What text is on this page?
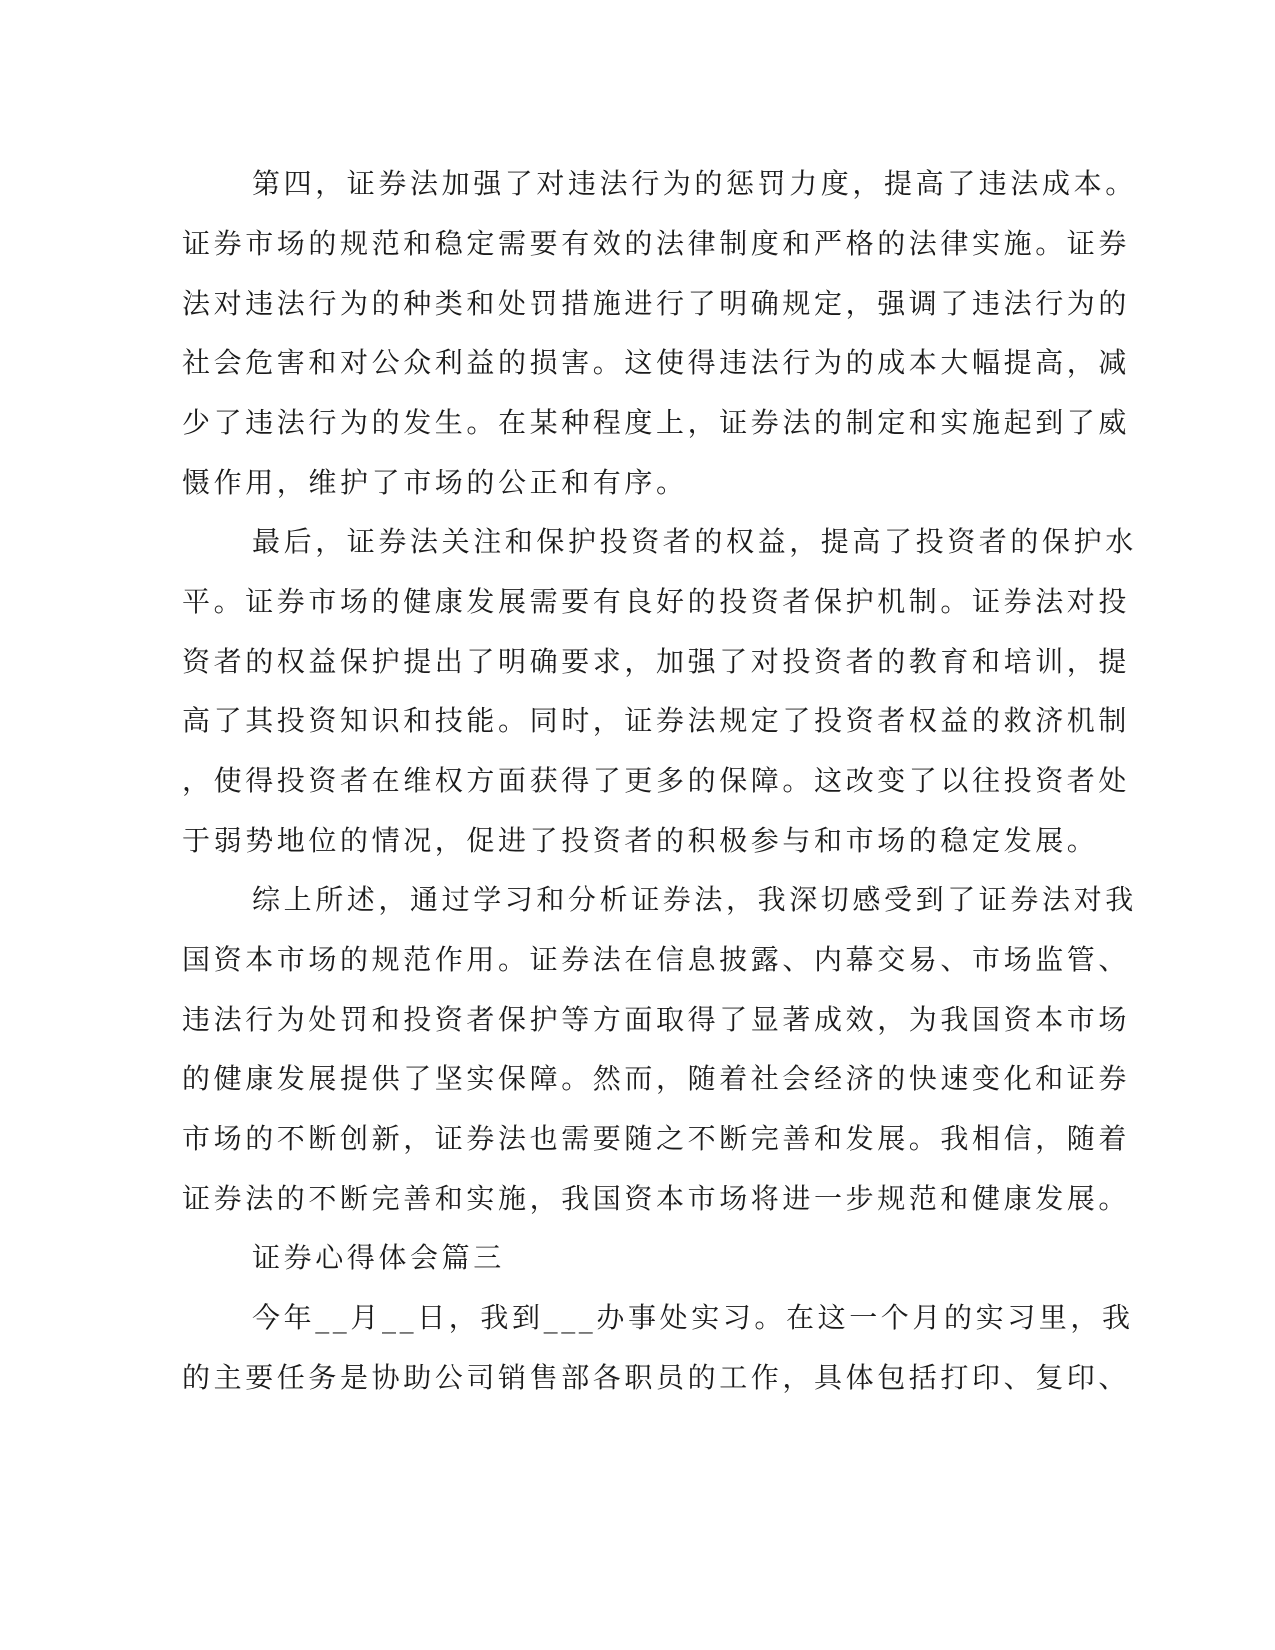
第四，证券法加强了对违法行为的惩罚力度，提高了违法成本。
证券市场的规范和稳定需要有效的法律制度和严格的法律实施。证券
法对违法行为的种类和处罚措施进行了明确规定，强调了违法行为的
社会危害和对公众利益的损害。这使得违法行为的成本大幅提高，减
少了违法行为的发生。在某种程度上，证券法的制定和实施起到了威
慑作用，维护了市场的公正和有序。
最后，证券法关注和保护投资者的权益，提高了投资者的保护水
平。证券市场的健康发展需要有良好的投资者保护机制。证券法对投
资者的权益保护提出了明确要求，加强了对投资者的教育和培训，提
高了其投资知识和技能。同时，证券法规定了投资者权益的救济机制
，使得投资者在维权方面获得了更多的保障。这改变了以往投资者处
于弱势地位的情况，促进了投资者的积极参与和市场的稳定发展。
综上所述，通过学习和分析证券法，我深切感受到了证券法对我
国资本市场的规范作用。证券法在信息披露、内幕交易、市场监管、
违法行为处罚和投资者保护等方面取得了显著成效，为我国资本市场
的健康发展提供了坚实保障。然而，随着社会经济的快速变化和证券
市场的不断创新，证券法也需要随之不断完善和发展。我相信，随着
证券法的不断完善和实施，我国资本市场将进一步规范和健康发展。
证券心得体会篇三
今年__月__日，我到___办事处实习。在这一个月的实习里，我
的主要任务是协助公司销售部各职员的工作，具体包括打印、复印、
